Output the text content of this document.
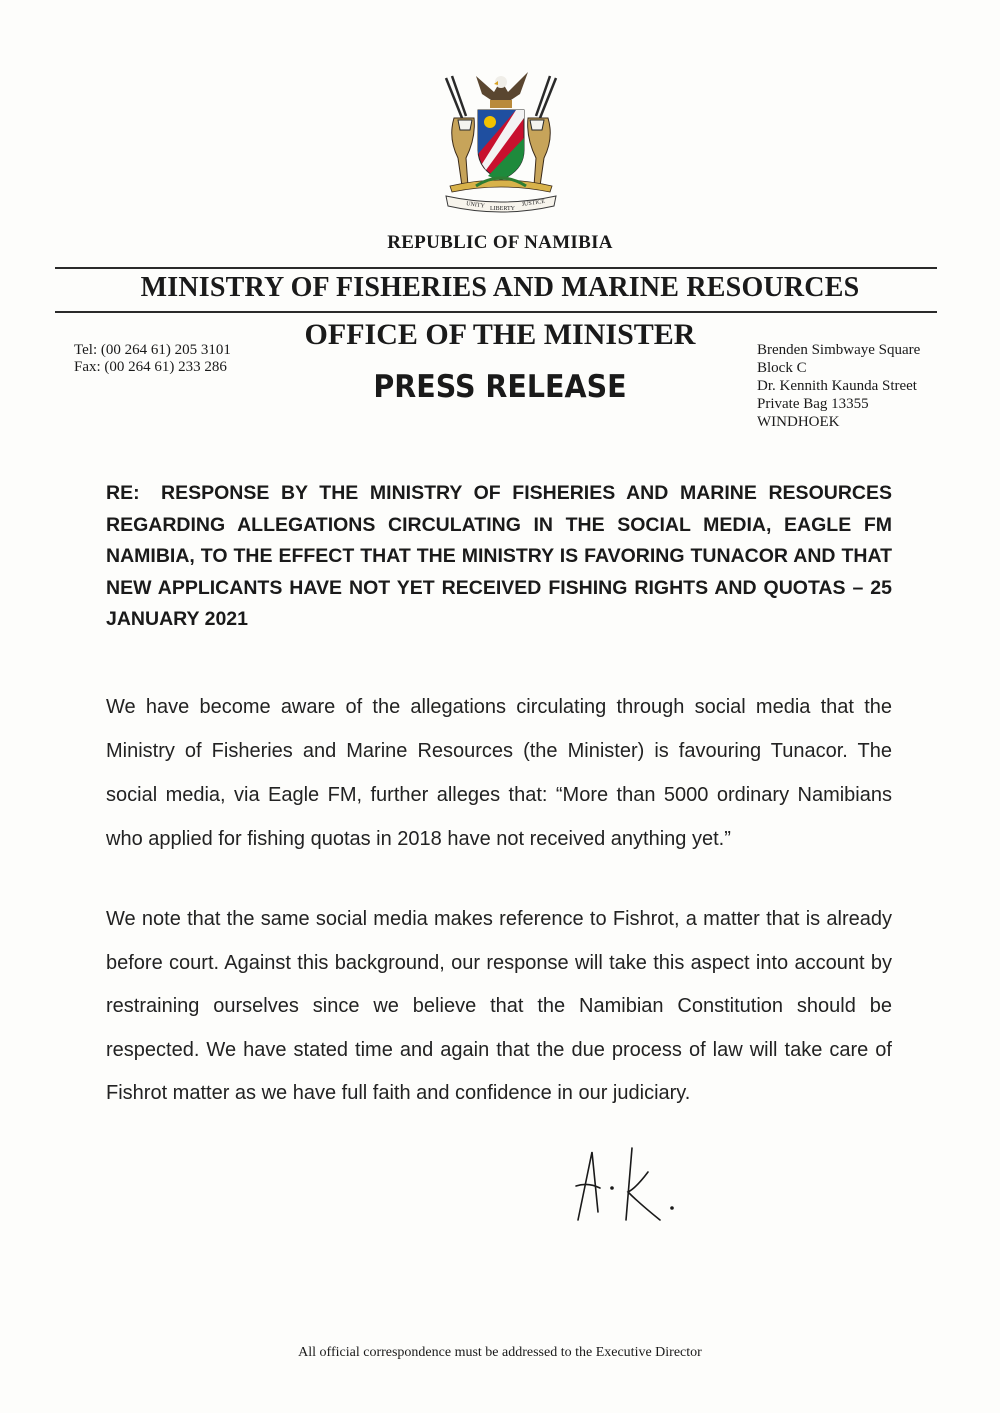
UNITY LIBERTY
JUSTICE
REPUBLIC OF NAMIBIA
MINISTRY OF FISHERIES AND MARINE RESOURCES
Tel: (00 264 61) 205 3101
Fax: (00 264 61) 233 286
OFFICE OF THE MINISTER
PRESS RELEASE
Brenden Simbwaye Square
Block C
Dr. Kennith Kaunda Street
Private Bag 13355
WINDHOEK
RE: RESPONSE BY THE MINISTRY OF FISHERIES AND MARINE RESOURCES REGARDING ALLEGATIONS CIRCULATING IN THE SOCIAL MEDIA, EAGLE FM NAMIBIA, TO THE EFFECT THAT THE MINISTRY IS FAVORING TUNACOR AND THAT NEW APPLICANTS HAVE NOT YET RECEIVED FISHING RIGHTS AND QUOTAS – 25 JANUARY 2021
We have become aware of the allegations circulating through social media that the Ministry of Fisheries and Marine Resources (the Minister) is favouring Tunacor. The social media, via Eagle FM, further alleges that: “More than 5000 ordinary Namibians who applied for fishing quotas in 2018 have not received anything yet.”
We note that the same social media makes reference to Fishrot, a matter that is already before court. Against this background, our response will take this aspect into account by restraining ourselves since we believe that the Namibian Constitution should be respected. We have stated time and again that the due process of law will take care of Fishrot matter as we have full faith and confidence in our judiciary.
All official correspondence must be addressed to the Executive Director
